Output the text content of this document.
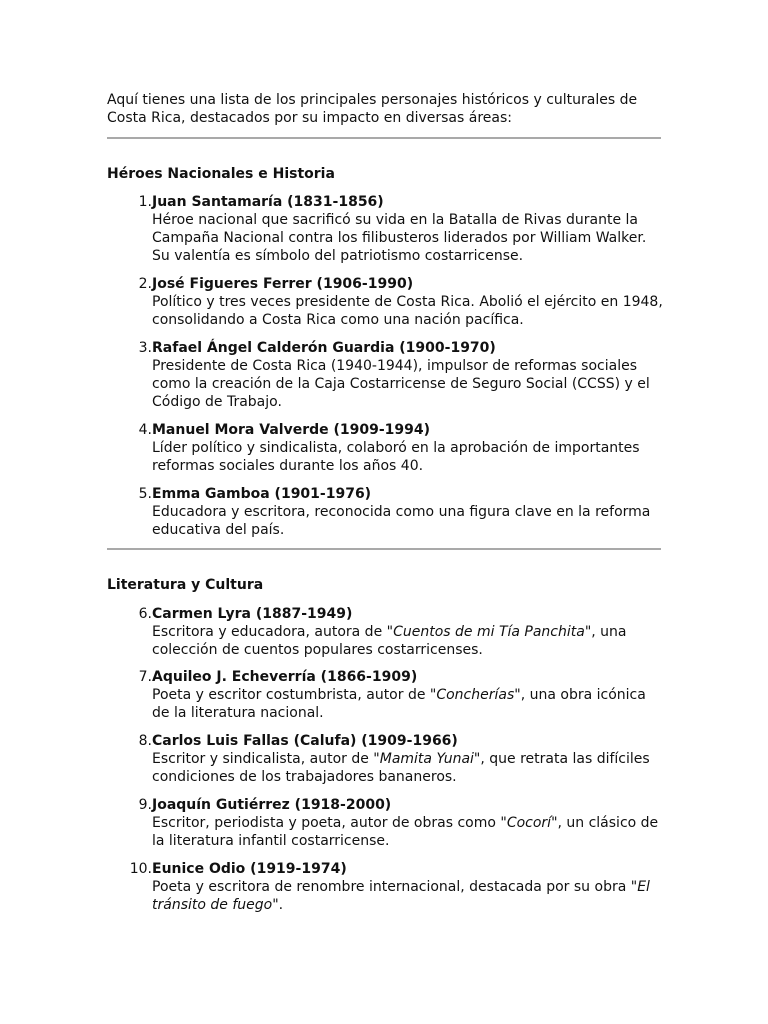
Aquí tienes una lista de los principales personajes históricos y culturales de Costa Rica, destacados por su impacto en diversas áreas:
Héroes Nacionales e Historia
1. Juan Santamaría (1831-1856)
Héroe nacional que sacrificó su vida en la Batalla de Rivas durante la Campaña Nacional contra los filibusteros liderados por William Walker. Su valentía es símbolo del patriotismo costarricense.
2. José Figueres Ferrer (1906-1990)
Político y tres veces presidente de Costa Rica. Abolió el ejército en 1948, consolidando a Costa Rica como una nación pacífica.
3. Rafael Ángel Calderón Guardia (1900-1970)
Presidente de Costa Rica (1940-1944), impulsor de reformas sociales como la creación de la Caja Costarricense de Seguro Social (CCSS) y el Código de Trabajo.
4. Manuel Mora Valverde (1909-1994)
Líder político y sindicalista, colaboró en la aprobación de importantes reformas sociales durante los años 40.
5. Emma Gamboa (1901-1976)
Educadora y escritora, reconocida como una figura clave en la reforma educativa del país.
Literatura y Cultura
6. Carmen Lyra (1887-1949)
Escritora y educadora, autora de "Cuentos de mi Tía Panchita", una colección de cuentos populares costarricenses.
7. Aquileo J. Echeverría (1866-1909)
Poeta y escritor costumbrista, autor de "Concherías", una obra icónica de la literatura nacional.
8. Carlos Luis Fallas (Calufa) (1909-1966)
Escritor y sindicalista, autor de "Mamita Yunai", que retrata las difíciles condiciones de los trabajadores bananeros.
9. Joaquín Gutiérrez (1918-2000)
Escritor, periodista y poeta, autor de obras como "Cocorí", un clásico de la literatura infantil costarricense.
10. Eunice Odio (1919-1974)
Poeta y escritora de renombre internacional, destacada por su obra "El tránsito de fuego".
